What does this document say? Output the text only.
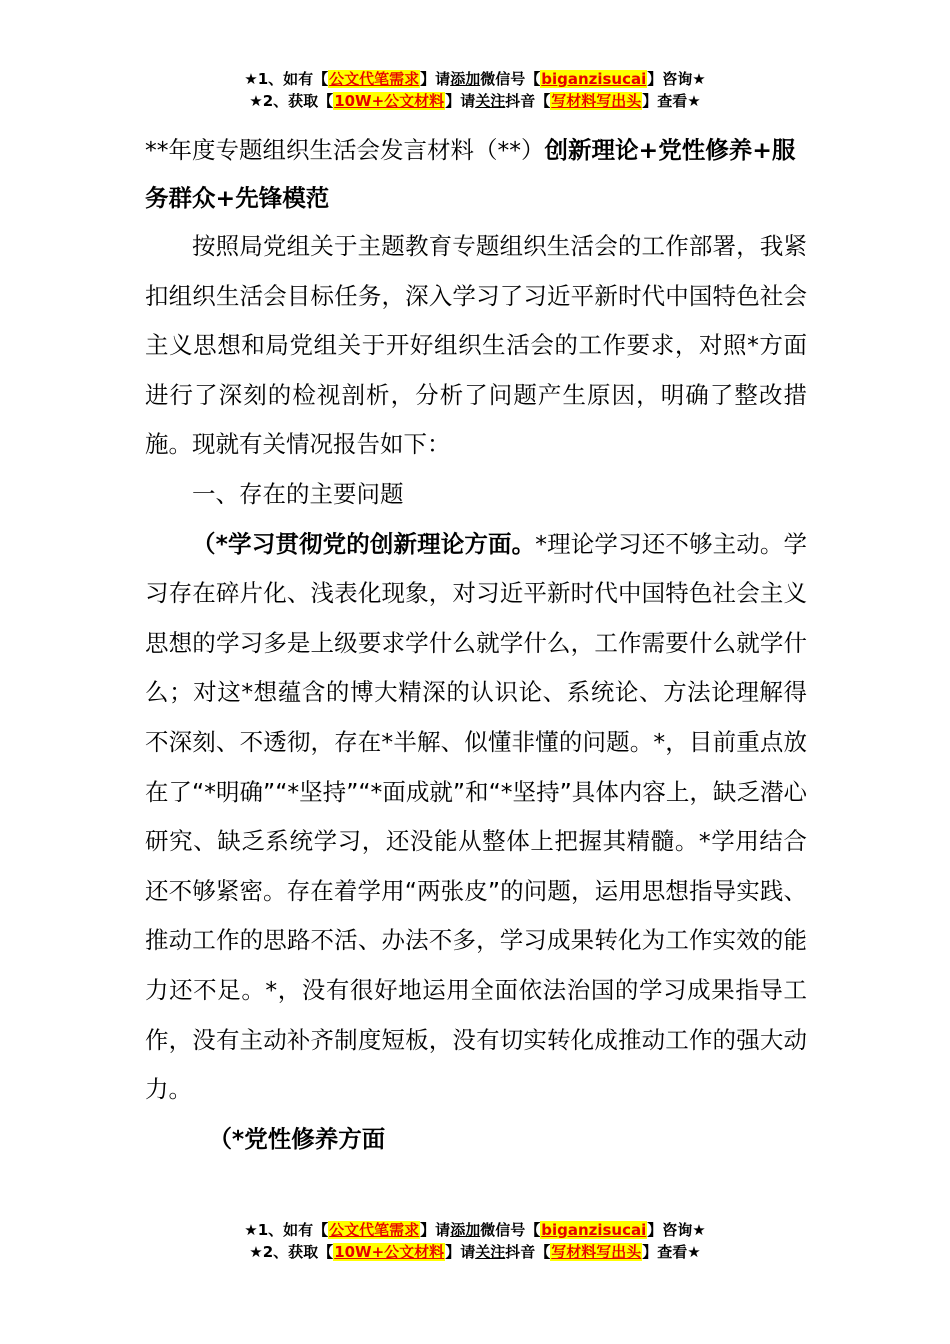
★1、如有【公文代笔需求】请添加微信号【biganzisucai】咨询★
★2、获取【10W+公文材料】请关注抖音【写材料写出头】查看★

**年度专题组织生活会发言材料（**）创新理论+党性修养+服务群众+先锋模范

按照局党组关于主题教育专题组织生活会的工作部署，我紧扣组织生活会目标任务，深入学习了习近平新时代中国特色社会主义思想和局党组关于开好组织生活会的工作要求，对照*方面进行了深刻的检视剖析，分析了问题产生原因，明确了整改措施。现就有关情况报告如下：

一、存在的主要问题

（*学习贯彻党的创新理论方面。*理论学习还不够主动。学习存在碎片化、浅表化现象，对习近平新时代中国特色社会主义思想的学习多是上级要求学什么就学什么，工作需要什么就学什么；对这*想蕴含的博大精深的认识论、系统论、方法论理解得不深刻、不透彻，存在*半解、似懂非懂的问题。*，目前重点放在了“*明确”“*坚持”“*面成就”和“*坚持”具体内容上，缺乏潜心研究、缺乏系统学习，还没能从整体上把握其精髓。*学用结合还不够紧密。存在着学用“两张皮”的问题，运用思想指导实践、推动工作的思路不活、办法不多，学习成果转化为工作实效的能力还不足。*，没有很好地运用全面依法治国的学习成果指导工作，没有主动补齐制度短板，没有切实转化成推动工作的强大动力。

（*党性修养方面

★1、如有【公文代笔需求】请添加微信号【biganzisucai】咨询★
★2、获取【10W+公文材料】请关注抖音【写材料写出头】查看★
